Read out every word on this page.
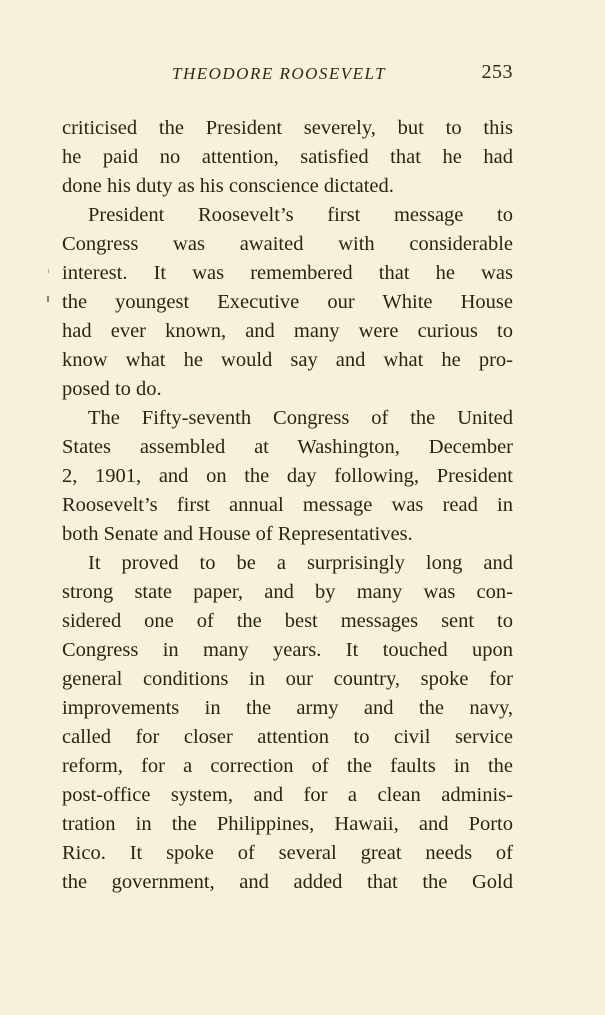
THEODORE ROOSEVELT	253
criticised the President severely, but to this
he paid no attention, satisfied that he had
done his duty as his conscience dictated.
President Roosevelt’s first message to
Congress was awaited with considerable
interest. It was remembered that he was
the youngest Executive our White House
had ever known, and many were curious to
know what he would say and what he pro-
posed to do.
The Fifty-seventh Congress of the United
States assembled at Washington, December
2, 1901, and on the day following, President
Roosevelt’s first annual message was read in
both Senate and House of Representatives.
It proved to be a surprisingly long and
strong state paper, and by many was con-
sidered one of the best messages sent to
Congress in many years. It touched upon
general conditions in our country, spoke for
improvements in the army and the navy,
called for closer attention to civil service
reform, for a correction of the faults in the
post-office system, and for a clean adminis-
tration in the Philippines, Hawaii, and Porto
Rico. It spoke of several great needs of
the government, and added that the Gold
